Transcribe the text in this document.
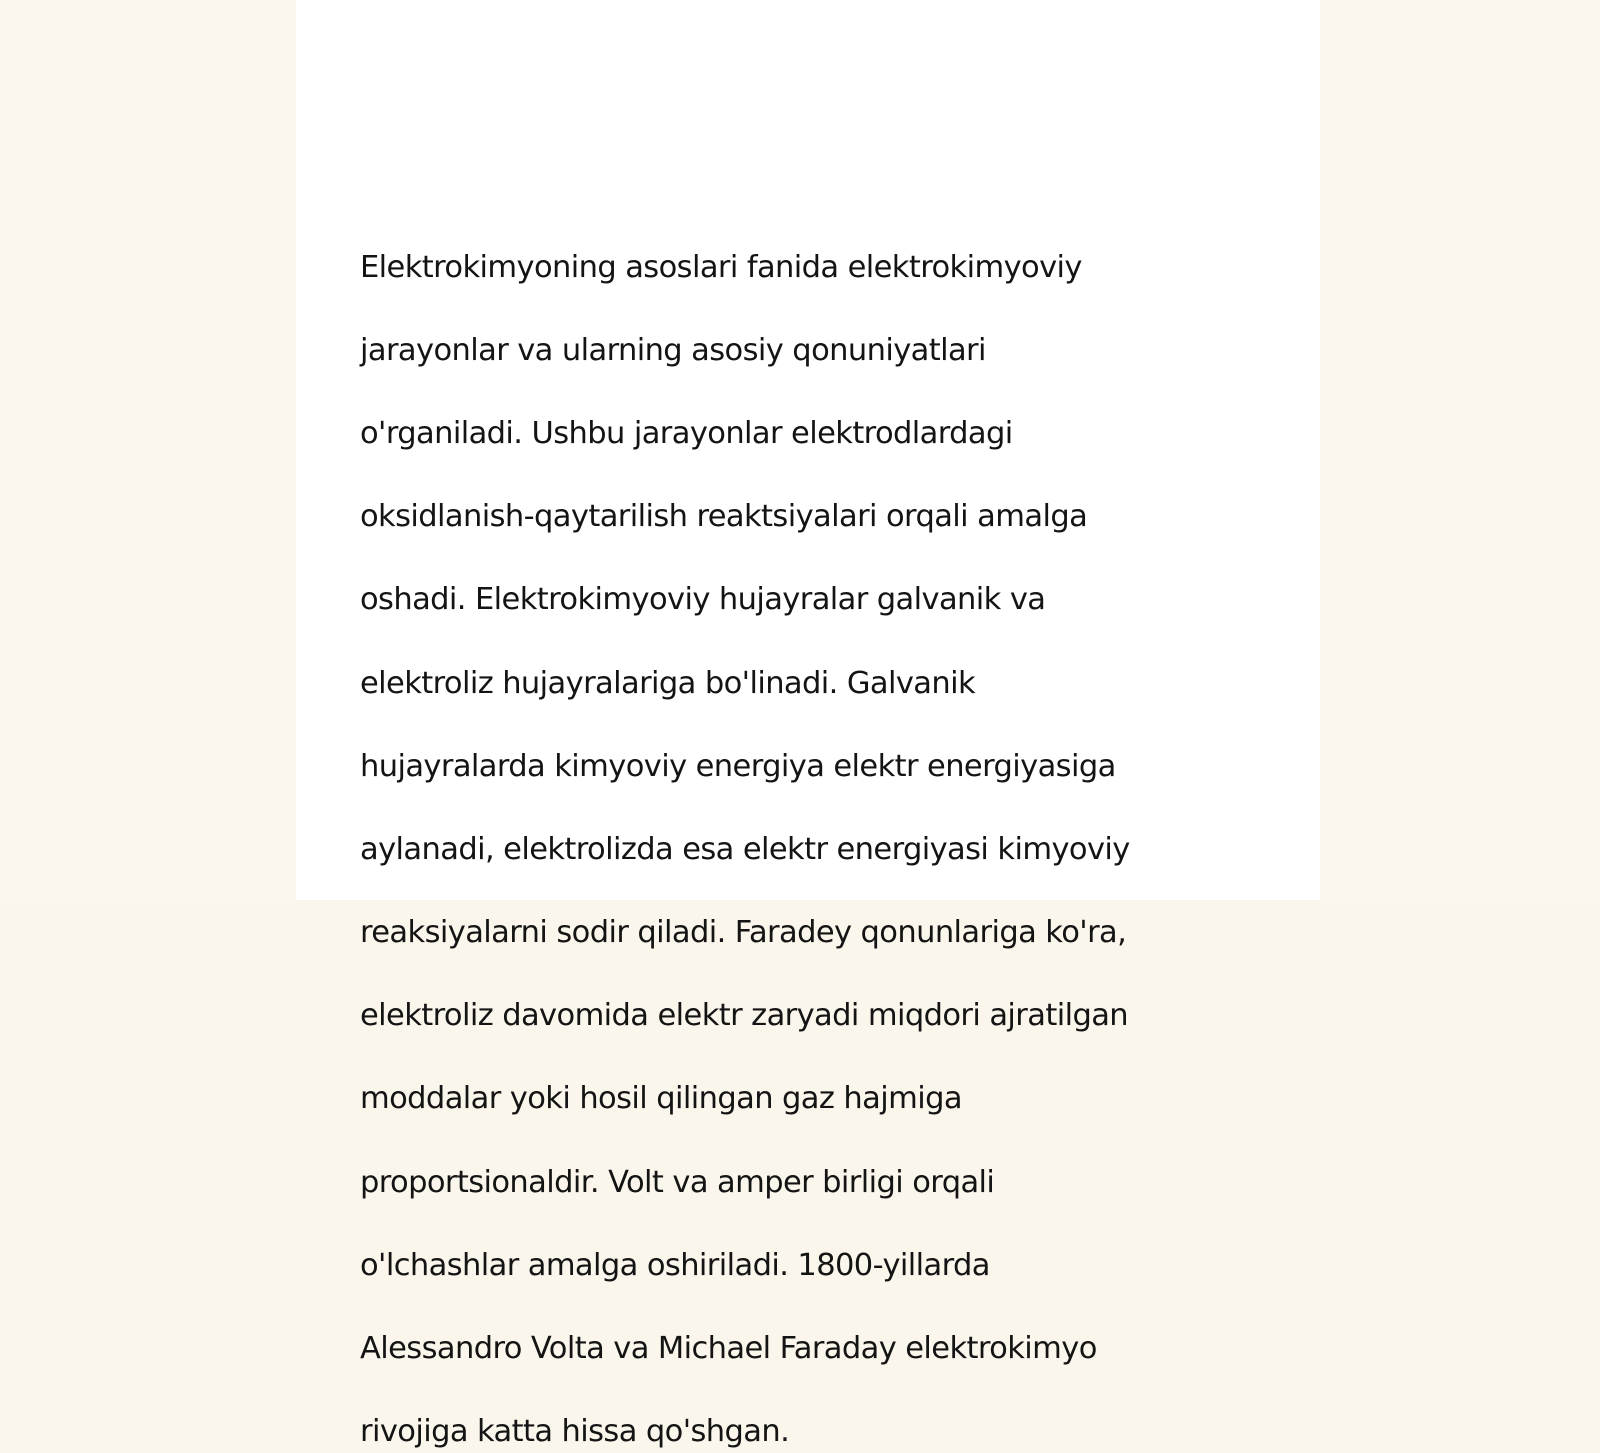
Elektrokimyoning asoslari fanida elektrokimyoviy

jarayonlar va ularning asosiy qonuniyatlari

o'rganiladi. Ushbu jarayonlar elektrodlardagi

oksidlanish-qaytarilish reaktsiyalari orqali amalga

oshadi. Elektrokimyoviy hujayralar galvanik va

elektroliz hujayralariga bo'linadi. Galvanik

hujayralarda kimyoviy energiya elektr energiyasiga

aylanadi, elektrolizda esa elektr energiyasi kimyoviy

reaksiyalarni sodir qiladi. Faradey qonunlariga ko'ra,

elektroliz davomida elektr zaryadi miqdori ajratilgan

moddalar yoki hosil qilingan gaz hajmiga

proportsionaldir. Volt va amper birligi orqali

o'lchashlar amalga oshiriladi. 1800-yillarda

Alessandro Volta va Michael Faraday elektrokimyo

rivojiga katta hissa qo'shgan.
